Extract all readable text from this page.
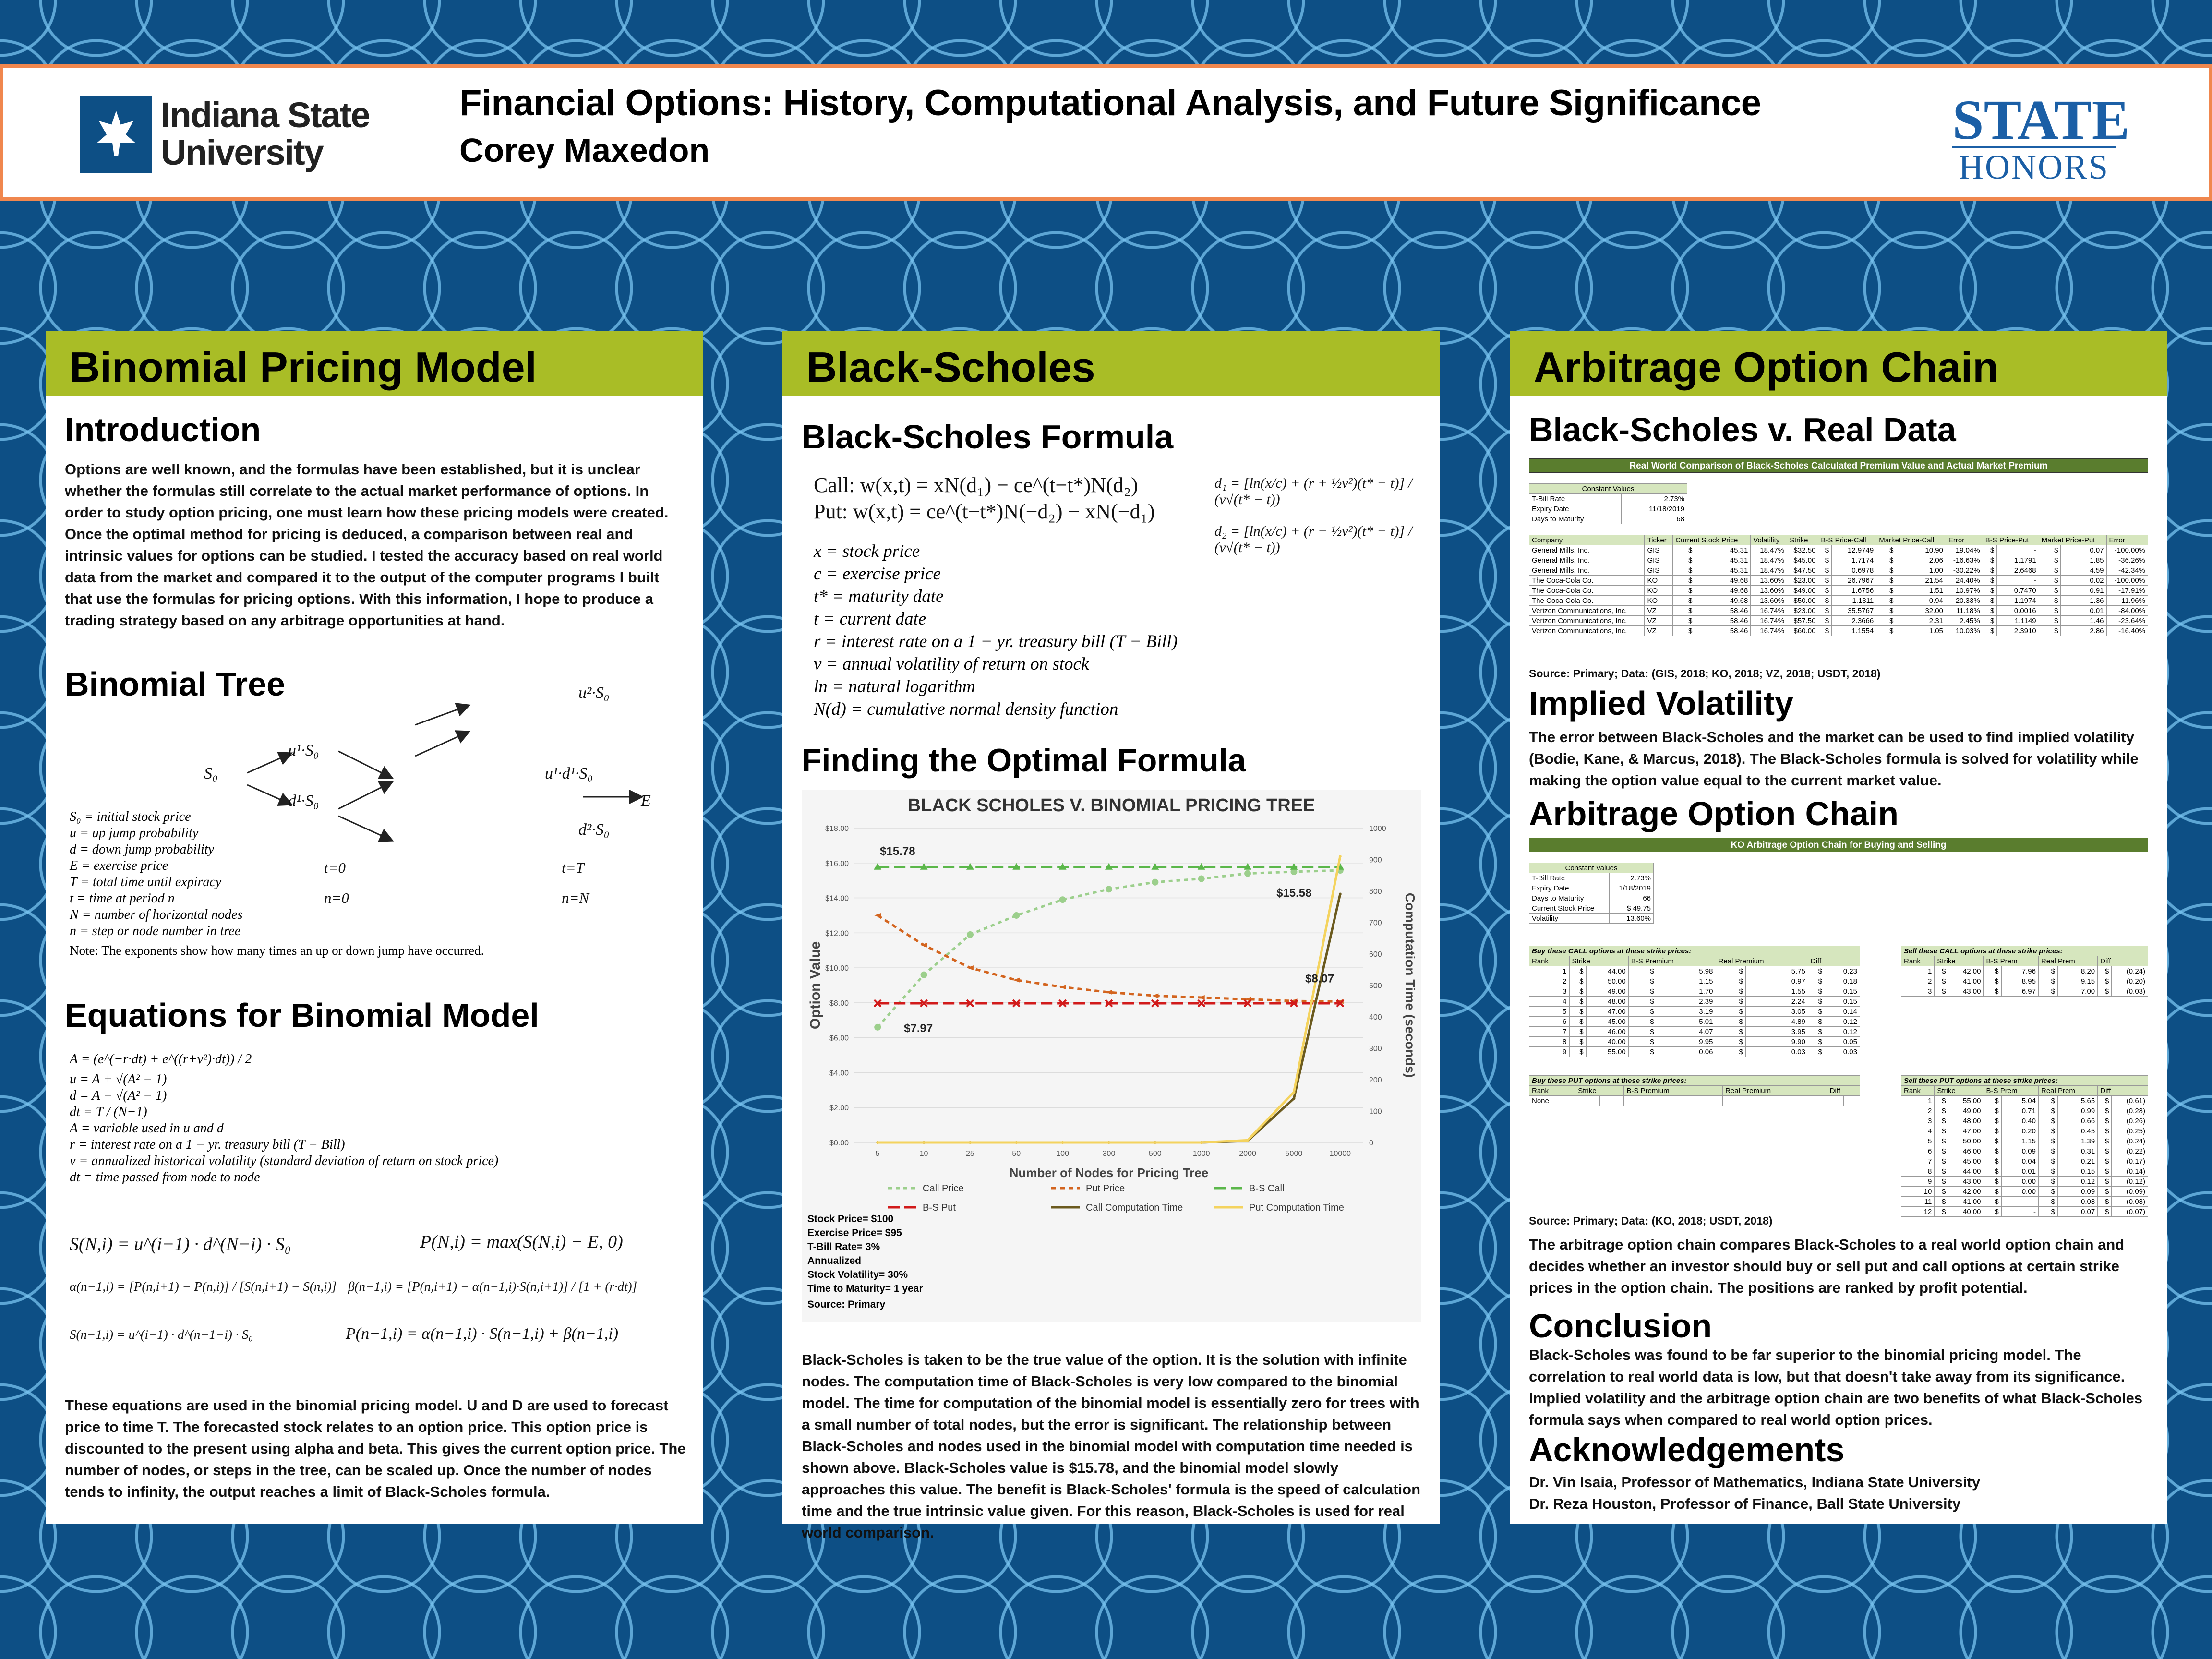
Indiana State
University
Financial Options: History, Computational Analysis, and Future Significance
Corey Maxedon	STATE
HONORS
Binomial Pricing Model
Introduction
Options are well known, and the formulas have been established, but it is unclear whether the formulas still correlate to the actual market performance of options. In order to study option pricing, one must learn how these pricing models were created. Once the optimal method for pricing is deduced, a comparison between real and intrinsic values for options can be studied. I tested the accuracy based on real world data from the market and compared it to the output of the computer programs I built that use the formulas for pricing options. With this information, I hope to produce a trading strategy based on any arbitrage opportunities at hand.
Binomial Tree	u²·S₀
u¹·S₀
S₀	u¹·d¹·S₀
d¹·S₀	E
d²·S₀
t=0	t=T
n=0	n=N
S₀ = initial stock price
u = up jump probability
d = down jump probability
E = exercise price
T = total time until expiracy
t = time at period n
N = number of horizontal nodes
n = step or node number in tree
Note: The exponents show how many times an up or down jump have occurred.
Equations for Binomial Model
A = (e^(−r·dt) + e^((r+v²)·dt)) / 2
u = A + √(A² − 1)
d = A − √(A² − 1)
dt = T / (N−1)
A = variable used in u and d
r = interest rate on a 1 − yr. treasury bill (T − Bill)
v = annualized historical volatility (standard deviation of return on stock price)
dt = time passed from node to node
S(N,i) = u^(i−1) · d^(N−i) · S₀	P(N,i) = max(S(N,i) − E, 0)
α(n−1,i) = [P(n,i+1) − P(n,i)] / [S(n,i+1) − S(n,i)] β(n−1,i) = [P(n,i+1) − α(n−1,i)·S(n,i+1)] / [1 + (r·dt)]
S(n−1,i) = u^(i−1) · d^(n−1−i) · S₀	P(n−1,i) = α(n−1,i) · S(n−1,i) + β(n−1,i)
These equations are used in the binomial pricing model. U and D are used to forecast price to time T. The forecasted stock relates to an option price. This option price is discounted to the present using alpha and beta. This gives the current option price. The number of nodes, or steps in the tree, can be scaled up. Once the number of nodes tends to infinity, the output reaches a limit of Black-Scholes formula.
Black-Scholes
Black-Scholes Formula
Call: w(x,t) = xN(d₁) − ce^(t−t*)N(d₂)
Put: w(x,t) = ce^(t−t*)N(−d₂) − xN(−d₁)
d₁ = [ln(x/c) + (r + ½v²)(t* − t)] / (v√(t* − t))
d₂ = [ln(x/c) + (r − ½v²)(t* − t)] / (v√(t* − t))
x = stock price
c = exercise price
t* = maturity date
t = current date
r = interest rate on a 1 − yr. treasury bill (T − Bill)
v = annual volatility of return on stock
ln = natural logarithm
N(d) = cumulative normal density function
Finding the Optimal Formula
BLACK SCHOLES V. BINOMIAL PRICING TREE
$0.00
$2.00
$4.00
$6.00
$8.00
$10.00
$12.00
$14.00
$16.00
$18.00
0
100
200
300
400
500
600
700
800
900
1000
5	10	25	50	100	300	500	1000	2000	5000	10000
Number of Nodes for Pricing Tree
Option Value	Computation Time (seconds)
$15.78
$7.97
$15.58
$8.07
Call Price	Put Price	B-S Call
B-S Put	Call Computation Time	Put Computation Time
Stock Price= $100
Exercise Price= $95
T-Bill Rate= 3%
Annualized
Stock Volatility= 30%
Time to Maturity= 1 year
Source: Primary
Black-Scholes is taken to be the true value of the option. It is the solution with infinite nodes. The computation time of Black-Scholes is very low compared to the binomial model. The time for computation of the binomial model is essentially zero for trees with a small number of total nodes, but the error is significant. The relationship between Black-Scholes and nodes used in the binomial model with computation time needed is shown above. Black-Scholes value is $15.78, and the binomial model slowly approaches this value. The benefit is Black-Scholes' formula is the speed of calculation time and the true intrinsic value given. For this reason, Black-Scholes is used for real world comparison.
Arbitrage Option Chain
Black-Scholes v. Real Data
Real World Comparison of Black-Scholes Calculated Premium Value and Actual Market Premium
Constant Values	
T-Bill Rate	2.73%
Expiry Date	11/18/2019
Days to Maturity	68
Company	Ticker	Current Stock Price		Volatility	Strike	B-S Price-Call		Market Price-Call		Error	B-S Price-Put		Market Price-Put		Error
General Mills, Inc.	GIS	$	45.31	18.47%	$32.50	$	12.9749	$	10.90	19.04%	$	-	$	0.07	-100.00%
General Mills, Inc.	GIS	$	45.31	18.47%	$45.00	$	1.7174	$	2.06	-16.63%	$	1.1791	$	1.85	-36.26%
General Mills, Inc.	GIS	$	45.31	18.47%	$47.50	$	0.6978	$	1.00	-30.22%	$	2.6468	$	4.59	-42.34%
The Coca-Cola Co.	KO	$	49.68	13.60%	$23.00	$	26.7967	$	21.54	24.40%	$	-	$	0.02	-100.00%
The Coca-Cola Co.	KO	$	49.68	13.60%	$49.00	$	1.6756	$	1.51	10.97%	$	0.7470	$	0.91	-17.91%
The Coca-Cola Co.	KO	$	49.68	13.60%	$50.00	$	1.1311	$	0.94	20.33%	$	1.1974	$	1.36	-11.96%
Verizon Communications, Inc.	VZ	$	58.46	16.74%	$23.00	$	35.5767	$	32.00	11.18%	$	0.0016	$	0.01	-84.00%
Verizon Communications, Inc.	VZ	$	58.46	16.74%	$57.50	$	2.3666	$	2.31	2.45%	$	1.1149	$	1.46	-23.64%
Verizon Communications, Inc.	VZ	$	58.46	16.74%	$60.00	$	1.1554	$	1.05	10.03%	$	2.3910	$	2.86	-16.40%
Source: Primary; Data: (GIS, 2018; KO, 2018; VZ, 2018; USDT, 2018)
Implied Volatility
The error between Black-Scholes and the market can be used to find implied volatility (Bodie, Kane, & Marcus, 2018). The Black-Scholes formula is solved for volatility while making the option value equal to the current market value.
Arbitrage Option Chain
KO Arbitrage Option Chain for Buying and Selling
Constant Values	
T-Bill Rate	2.73%
Expiry Date	1/18/2019
Days to Maturity	66
Current Stock Price	$ 49.75
Volatility	13.60%
Buy these CALL options at these strike prices:								
Rank	Strike		B-S Premium		Real Premium		Diff	
1	$	44.00	$	5.98	$	5.75	$	0.23
2	$	50.00	$	1.15	$	0.97	$	0.18
3	$	49.00	$	1.70	$	1.55	$	0.15
4	$	48.00	$	2.39	$	2.24	$	0.15
5	$	47.00	$	3.19	$	3.05	$	0.14
6	$	45.00	$	5.01	$	4.89	$	0.12
7	$	46.00	$	4.07	$	3.95	$	0.12
8	$	40.00	$	9.95	$	9.90	$	0.05
9	$	55.00	$	0.06	$	0.03	$	0.03
Sell these CALL options at these strike prices:								
Rank	Strike		B-S Prem		Real Prem		Diff	
1	$	42.00	$	7.96	$	8.20	$	(0.24)
2	$	41.00	$	8.95	$	9.15	$	(0.20)
3	$	43.00	$	6.97	$	7.00	$	(0.03)
Buy these PUT options at these strike prices:								
Rank	Strike		B-S Premium		Real Premium		Diff	
None								
Sell these PUT options at these strike prices:								
Rank	Strike		B-S Prem		Real Prem		Diff	
1	$	55.00	$	5.04	$	5.65	$	(0.61)
2	$	49.00	$	0.71	$	0.99	$	(0.28)
3	$	48.00	$	0.40	$	0.66	$	(0.26)
4	$	47.00	$	0.20	$	0.45	$	(0.25)
5	$	50.00	$	1.15	$	1.39	$	(0.24)
6	$	46.00	$	0.09	$	0.31	$	(0.22)
7	$	45.00	$	0.04	$	0.21	$	(0.17)
8	$	44.00	$	0.01	$	0.15	$	(0.14)
9	$	43.00	$	0.00	$	0.12	$	(0.12)
10	$	42.00	$	0.00	$	0.09	$	(0.09)
11	$	41.00	$	-	$	0.08	$	(0.08)
12	$	40.00	$	-	$	0.07	$	(0.07)
Source: Primary; Data: (KO, 2018; USDT, 2018)
The arbitrage option chain compares Black-Scholes to a real world option chain and decides whether an investor should buy or sell put and call options at certain strike prices in the option chain. The positions are ranked by profit potential.
Conclusion
Black-Scholes was found to be far superior to the binomial pricing model. The correlation to real world data is low, but that doesn't take away from its significance. Implied volatility and the arbitrage option chain are two benefits of what Black-Scholes formula says when compared to real world option prices.
Acknowledgements
Dr. Vin Isaia, Professor of Mathematics, Indiana State University
Dr. Reza Houston, Professor of Finance, Ball State University
